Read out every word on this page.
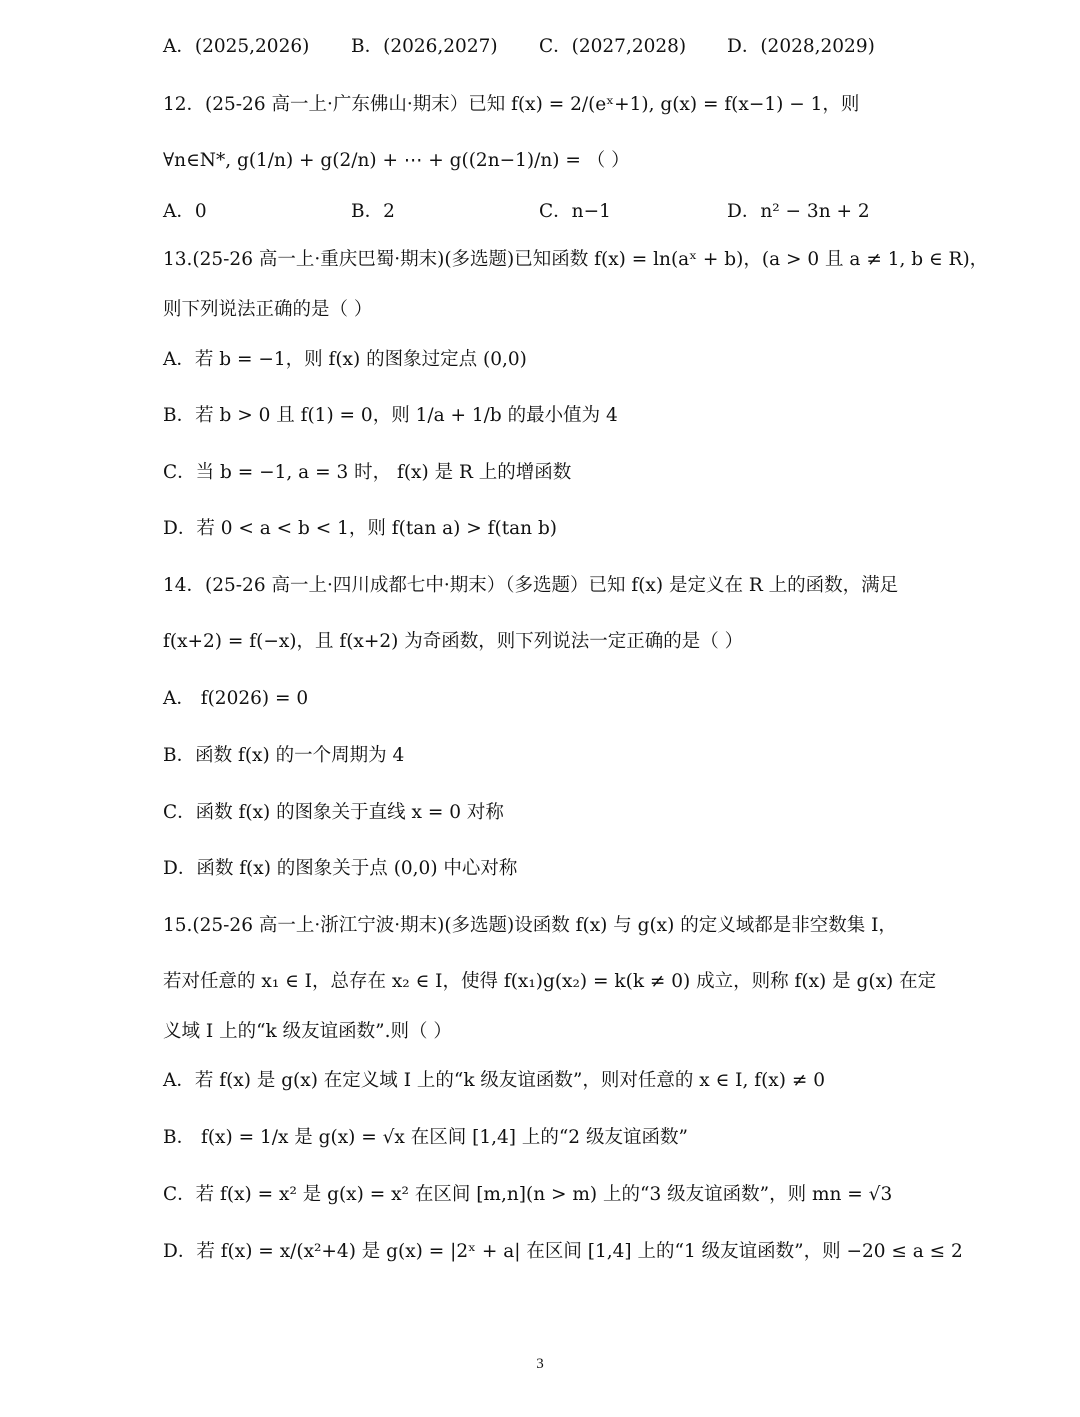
A．(2025,2026)	B．(2026,2027)	C．(2027,2028)	D．(2028,2029)
12．(25-26 高一上·广东佛山·期末）已知 f(x) = 2/(eˣ+1), g(x) = f(x−1) − 1，则
∀n∈N*, g(1/n) + g(2/n) + ⋯ + g((2n−1)/n) = （ ）
A．0	B．2	C．n−1	D．n² − 3n + 2
13.(25-26 高一上·重庆巴蜀·期末)(多选题)已知函数 f(x) = ln(aˣ + b)，(a > 0 且 a ≠ 1, b ∈ R)，
则下列说法正确的是（ ）
A．若 b = −1，则 f(x) 的图象过定点 (0,0)
B．若 b > 0 且 f(1) = 0，则 1/a + 1/b 的最小值为 4
C．当 b = −1, a = 3 时， f(x) 是 R 上的增函数
D．若 0 < a < b < 1，则 f(tan a) > f(tan b)
14．(25-26 高一上·四川成都七中·期末）（多选题）已知 f(x) 是定义在 R 上的函数，满足
f(x+2) = f(−x)，且 f(x+2) 为奇函数，则下列说法一定正确的是（ ）
A． f(2026) = 0
B．函数 f(x) 的一个周期为 4
C．函数 f(x) 的图象关于直线 x = 0 对称
D．函数 f(x) 的图象关于点 (0,0) 中心对称
15.(25-26 高一上·浙江宁波·期末)(多选题)设函数 f(x) 与 g(x) 的定义域都是非空数集 I，
若对任意的 x₁ ∈ I，总存在 x₂ ∈ I，使得 f(x₁)g(x₂) = k(k ≠ 0) 成立，则称 f(x) 是 g(x) 在定
义域 I 上的“k 级友谊函数”.则（ ）
A．若 f(x) 是 g(x) 在定义域 I 上的“k 级友谊函数”，则对任意的 x ∈ I, f(x) ≠ 0
B． f(x) = 1/x 是 g(x) = √x 在区间 [1,4] 上的“2 级友谊函数”
C．若 f(x) = x² 是 g(x) = x² 在区间 [m,n](n > m) 上的“3 级友谊函数”，则 mn = √3
D．若 f(x) = x/(x²+4) 是 g(x) = |2ˣ + a| 在区间 [1,4] 上的“1 级友谊函数”，则 −20 ≤ a ≤ 2
3
